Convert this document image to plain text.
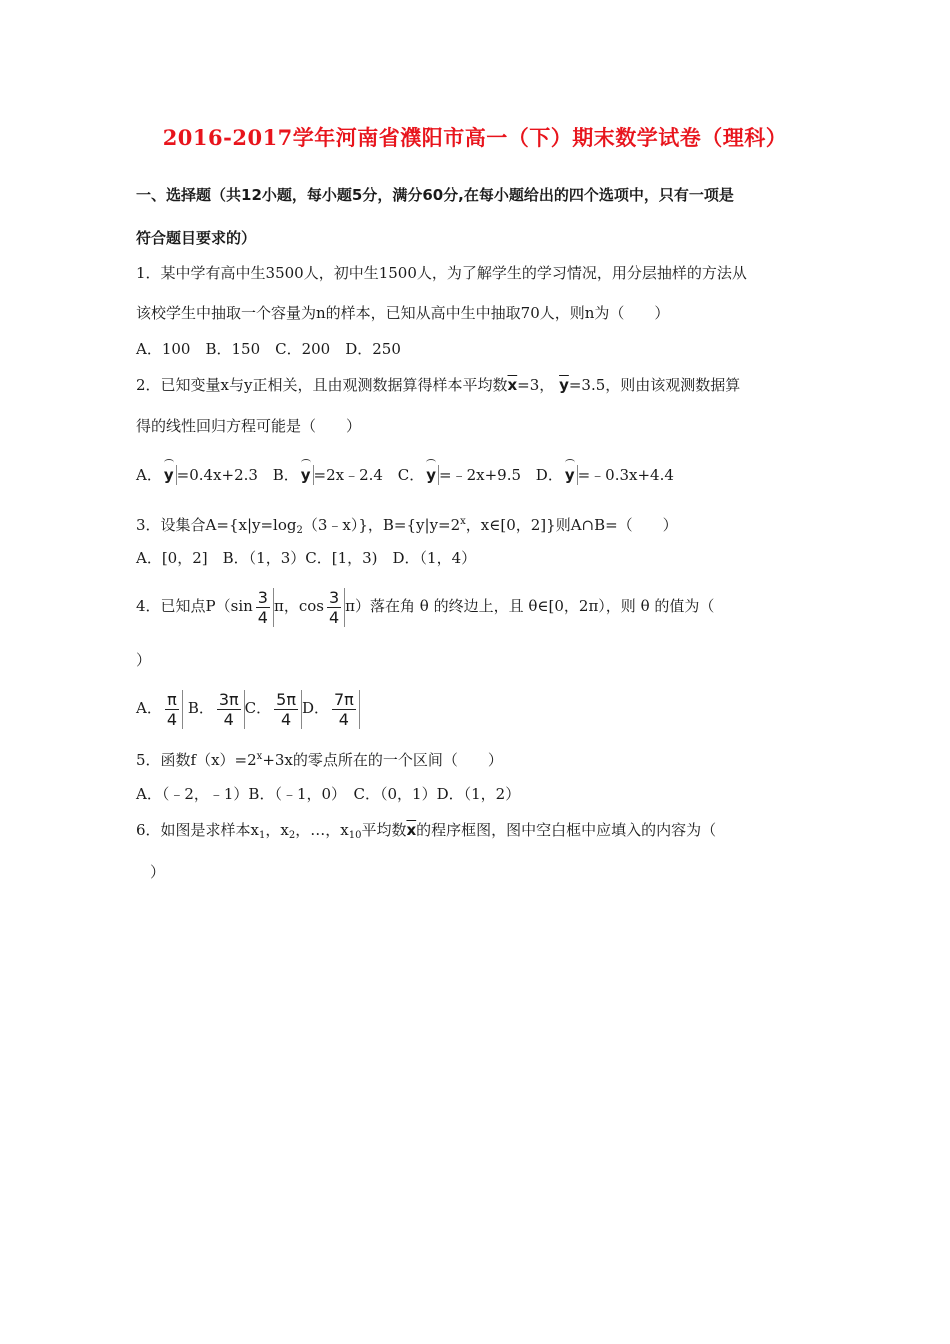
2016-2017学年河南省濮阳市高一（下）期末数学试卷（理科）
一、选择题（共12小题，每小题5分，满分60分,在每小题给出的四个选项中，只有一项是
符合题目要求的）
1．某中学有高中生3500人，初中生1500人，为了解学生的学习情况，用分层抽样的方法从
该校学生中抽取一个容量为n的样本，已知从高中生中抽取70人，则n为（　　）
A．100　B．150　C．200　D．250
2．已知变量x与y正相关，且由观测数据算得样本平均数$\overline{x}=3$， $\overline{y}=3.5$，则由该观测数据算
得的线性回归方程可能是（　　）
A． y =0.4x+2.3 B． y =2x﹣2.4 C． y =﹣2x+9.5 D． y =﹣0.3x+4.4
3．设集合$A=\{x|y=\log_2(3﹣x)\}$，$B=\{y|y=2^x$，x∈[0，2]}则A∩B=（　　）
A．[0，2]　B．（1，3）C．[1，3)　D．（1，4）
4．已知点$P(\sin \frac{3}{4}$ π，$\cos \frac{3}{4} \pi$）落在角 θ 的终边上，且 θ∈[0，2π），则 θ 的值为（
）
A． $\frac{\pi}{4}$ B． $\frac{3\pi}{4}$ C． $\frac{5\pi}{4}$ D． $\frac{7\pi}{4}$
5．函数$f(x)=2^x+3x$的零点所在的一个区间（　　）
A．（﹣2，﹣1）B．（﹣1，0）　C．（0，1）D．（1，2）
6．如图是求样本$x_1$，$x_2$，…，$x_{10}$平均数$\overline{x}$的程序框图，图中空白框中应填入的内容为（
）
